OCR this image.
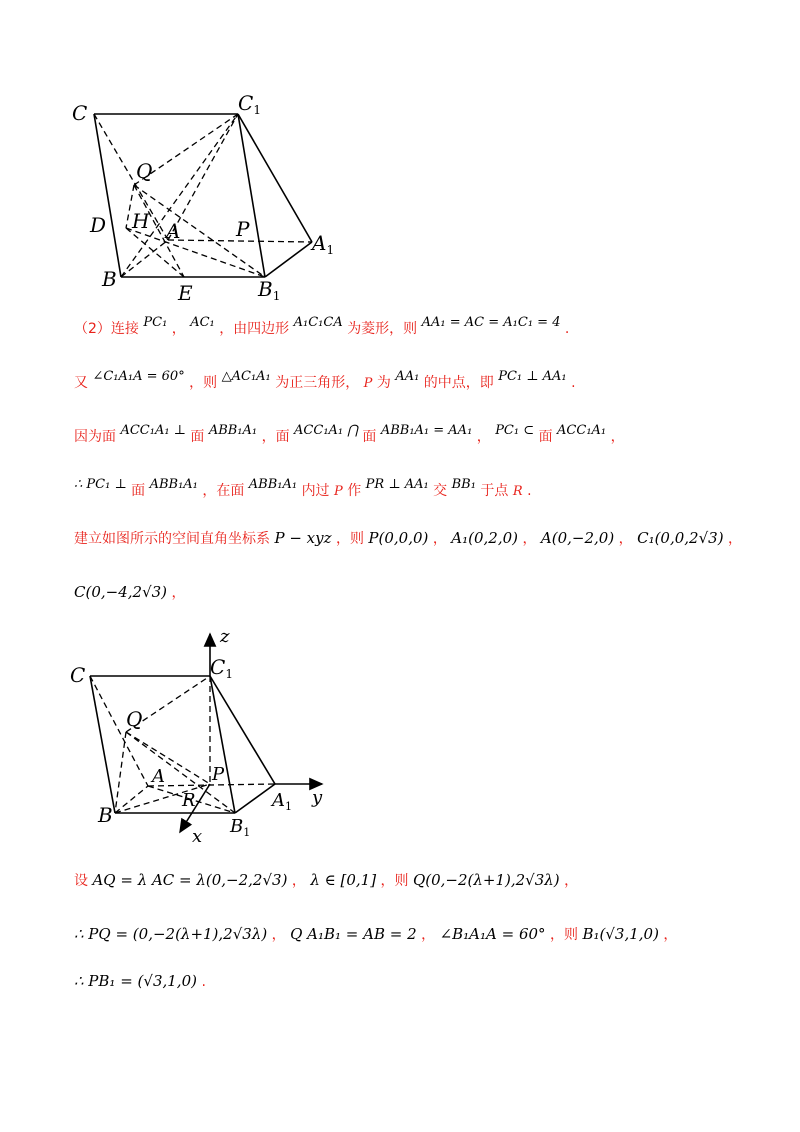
C	$C_1$
Q
D H A	P
$A_1$
B
E	$B_1$
（2）连接 PC₁ ， AC₁ ，由四边形 A₁C₁CA 为菱形，则 AA₁ = AC = A₁C₁ = 4 .
又 ∠C₁A₁A = 60° ，则 △AC₁A₁ 为正三角形， P 为 AA₁ 的中点，即 PC₁ ⊥ AA₁ .
因为面 ACC₁A₁ ⊥ 面 ABB₁A₁ ，面 ACC₁A₁ ⋂ 面 ABB₁A₁ = AA₁ ， PC₁ ⊂ 面 ACC₁A₁ ，
∴ PC₁ ⊥ 面 ABB₁A₁ ，在面 ABB₁A₁ 内过 P 作 PR ⊥ AA₁ 交 BB₁ 于点 R .
建立如图所示的空间直角坐标系 P − xyz ，则 P(0,0,0) ， A₁(0,2,0) ， A(0,−2,0) ， C₁(0,0,2√3) ，
C(0,−4,2√3) ，
z
C	$C_1$
Q
A	P
R	$A_1$ y
B	$B_1$
x
设 AQ = λ AC = λ(0,−2,2√3) ， λ ∈ [0,1] ，则 Q(0,−2(λ+1),2√3λ) ，
∴ PQ = (0,−2(λ+1),2√3λ) ， Q A₁B₁ = AB = 2 ， ∠B₁A₁A = 60° ，则 B₁(√3,1,0) ，
∴ PB₁ = (√3,1,0) .
